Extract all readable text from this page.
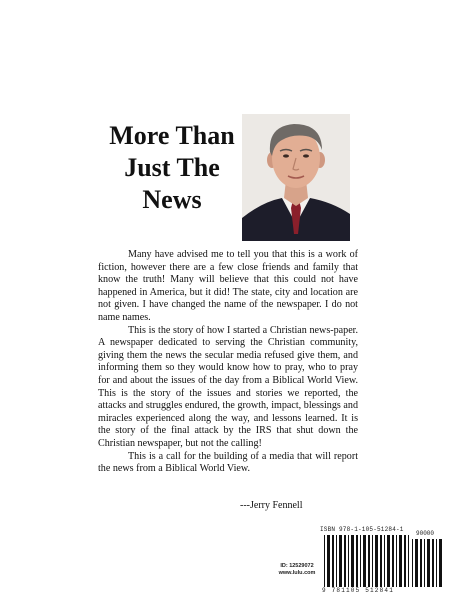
More Than
Just The
News

Many have advised me to tell you that this is a work of fiction, however there are a few close friends and family that know the truth! Many will believe that this could not have happened in America, but it did! The state, city and location are not given. I have changed the name of the newspaper. I do not name names.

This is the story of how I started a Christian news-paper. A newspaper dedicated to serving the Christian community, giving them the news the secular media refused give them, and informing them so they would know how to pray, who to pray for and about the issues of the day from a Biblical World View. This is the story of the issues and stories we reported, the attacks and struggles endured, the growth, impact, blessings and miracles experienced along the way, and lessons learned. It is the story of the final attack by the IRS that shut down the Christian newspaper, but not the calling!

This is a call for the building of a media that will report the news from a Biblical World View.

---Jerry Fennell
ISBN 978-1-105-51284-1
90000
ID: 12529072
www.lulu.com
9 781105 512841
